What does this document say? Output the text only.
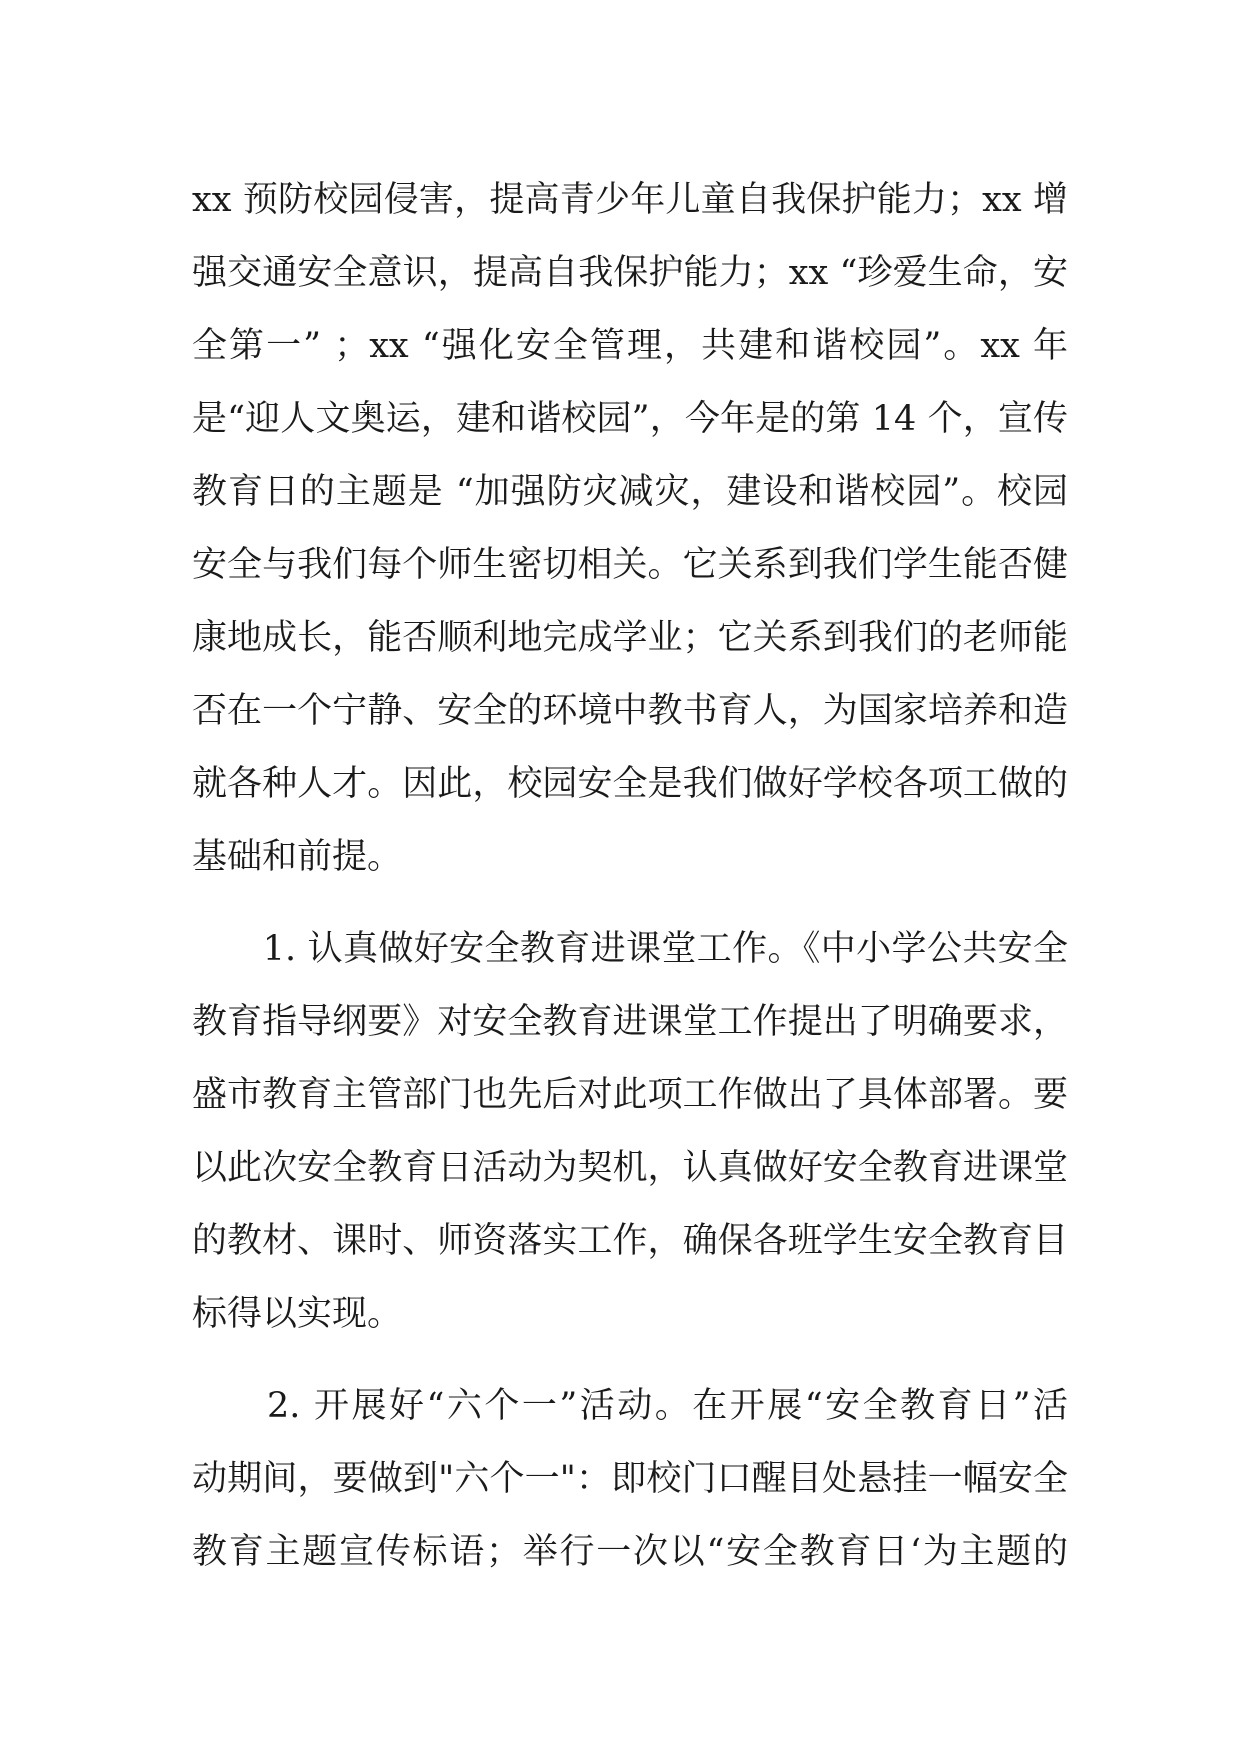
xx 预防校园侵害，提高青少年儿童自我保护能力；xx 增
强交通安全意识，提高自我保护能力；xx “珍爱生命，安
全第一” ；xx “强化安全管理，共建和谐校园”。xx 年
是“迎人文奥运，建和谐校园”，今年是的第 14 个，宣传
教育日的主题是 “加强防灾减灾，建设和谐校园”。校园
安全与我们每个师生密切相关。它关系到我们学生能否健
康地成长，能否顺利地完成学业；它关系到我们的老师能
否在一个宁静、安全的环境中教书育人，为国家培养和造
就各种人才。因此，校园安全是我们做好学校各项工做的
基础和前提。
　　1. 认真做好安全教育进课堂工作。《中小学公共安全
教育指导纲要》对安全教育进课堂工作提出了明确要求，
盛市教育主管部门也先后对此项工作做出了具体部署。要
以此次安全教育日活动为契机，认真做好安全教育进课堂
的教材、课时、师资落实工作，确保各班学生安全教育目
标得以实现。
　　2. 开展好“六个一”活动。在开展“安全教育日”活
动期间，要做到"六个一"：即校门口醒目处悬挂一幅安全
教育主题宣传标语；举行一次以“安全教育日‘为主题的
